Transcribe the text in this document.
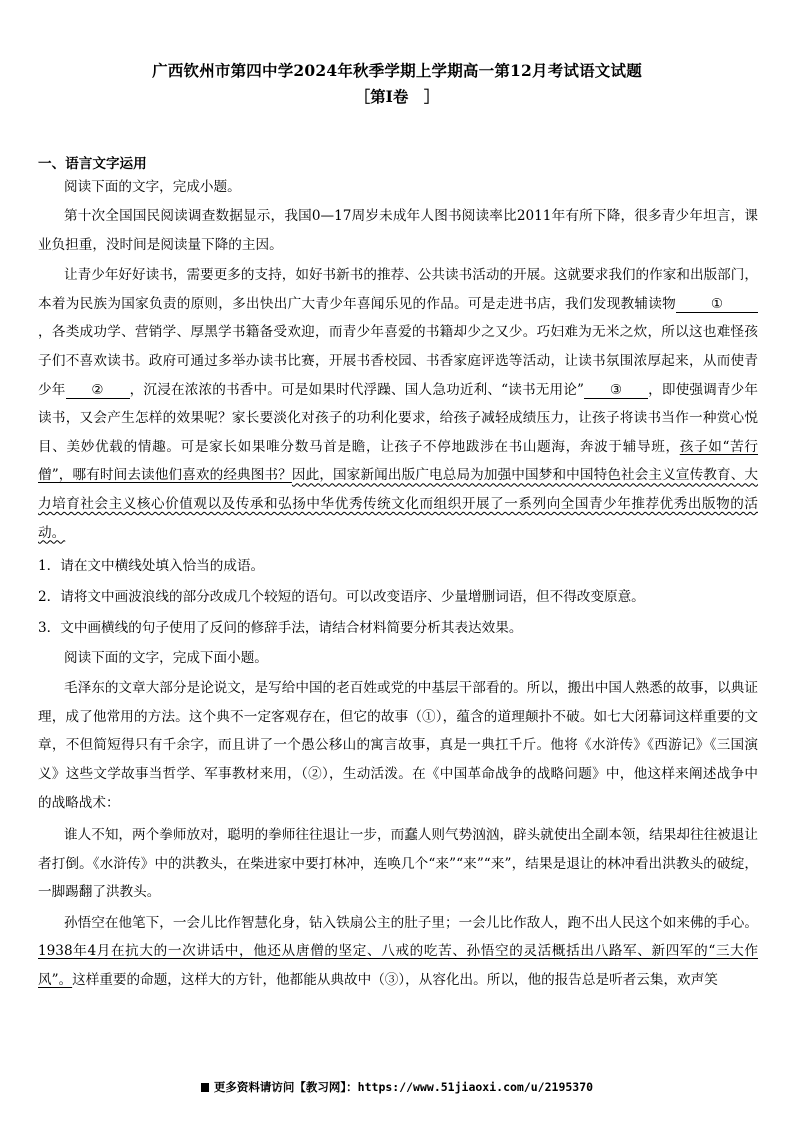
广西钦州市第四中学2024年秋季学期上学期高一第12月考试语文试题
［第Ⅰ卷　］

一、语言文字运用

阅读下面的文字，完成小题。

第十次全国国民阅读调查数据显示，我国0—17周岁未成年人图书阅读率比2011年有所下降，很多青少年坦言，课业负担重，没时间是阅读量下降的主因。

让青少年好好读书，需要更多的支持，如好书新书的推荐、公共读书活动的开展。这就要求我们的作家和出版部门，本着为民族为国家负责的原则，多出快出广大青少年喜闻乐见的作品。可是走进书店，我们发现教辅读物	①，各类成功学、营销学、厚黑学书籍备受欢迎，而青少年喜爱的书籍却少之又少。巧妇难为无米之炊，所以这也难怪孩子们不喜欢读书。政府可通过多举办读书比赛，开展书香校园、书香家庭评选等活动，让读书氛围浓厚起来，从而使青少年 ② ，沉浸在浓浓的书香中。可是如果时代浮躁、国人急功近利、“读书无用论” ③ ，即使强调青少年读书，又会产生怎样的效果呢？家长要淡化对孩子的功利化要求，给孩子减轻成绩压力，让孩子将读书当作一种赏心悦目、美妙优载的情趣。可是家长如果唯分数马首是瞻，让孩子不停地跋涉在书山题海，奔波于辅导班，孩子如“苦行僧”，哪有时间去读他们喜欢的经典图书？因此，国家新闻出版广电总局为加强中国梦和中国特色社会主义宣传教育、大力培育社会主义核心价值观以及传承和弘扬中华优秀传统文化而组织开展了一系列向全国青少年推荐优秀出版物的活动。

1．请在文中横线处填入恰当的成语。

2．请将文中画波浪线的部分改成几个较短的语句。可以改变语序、少量增删词语，但不得改变原意。

3．文中画横线的句子使用了反问的修辞手法，请结合材料简要分析其表达效果。

阅读下面的文字，完成下面小题。

毛泽东的文章大部分是论说文，是写给中国的老百姓或党的中基层干部看的。所以，搬出中国人熟悉的故事，以典证理，成了他常用的方法。这个典不一定客观存在，但它的故事（①），蕴含的道理颠扑不破。如七大闭幕词这样重要的文章，不但简短得只有千余字，而且讲了一个愚公移山的寓言故事，真是一典扛千斤。他将《水浒传》《西游记》《三国演义》这些文学故事当哲学、军事教材来用，（②），生动活泼。在《中国革命战争的战略问题》中，他这样来阐述战争中的战略战术：

谁人不知，两个拳师放对，聪明的拳师往往退让一步，而蠢人则气势汹汹，辟头就使出全副本领，结果却往往被退让者打倒。《水浒传》中的洪教头，在柴进家中要打林冲，连唤几个“来”“来”“来”，结果是退让的林冲看出洪教头的破绽，一脚踢翻了洪教头。

孙悟空在他笔下，一会儿比作智慧化身，钻入铁扇公主的肚子里；一会儿比作敌人，跑不出人民这个如来佛的手心。1938年4月在抗大的一次讲话中，他还从唐僧的坚定、八戒的吃苦、孙悟空的灵活概括出八路军、新四军的“三大作风”。这样重要的命题，这样大的方针，他都能从典故中（③），从容化出。所以，他的报告总是听者云集，欢声笑

更多资料请访问【教习网】：https://www.51jiaoxi.com/u/2195370
